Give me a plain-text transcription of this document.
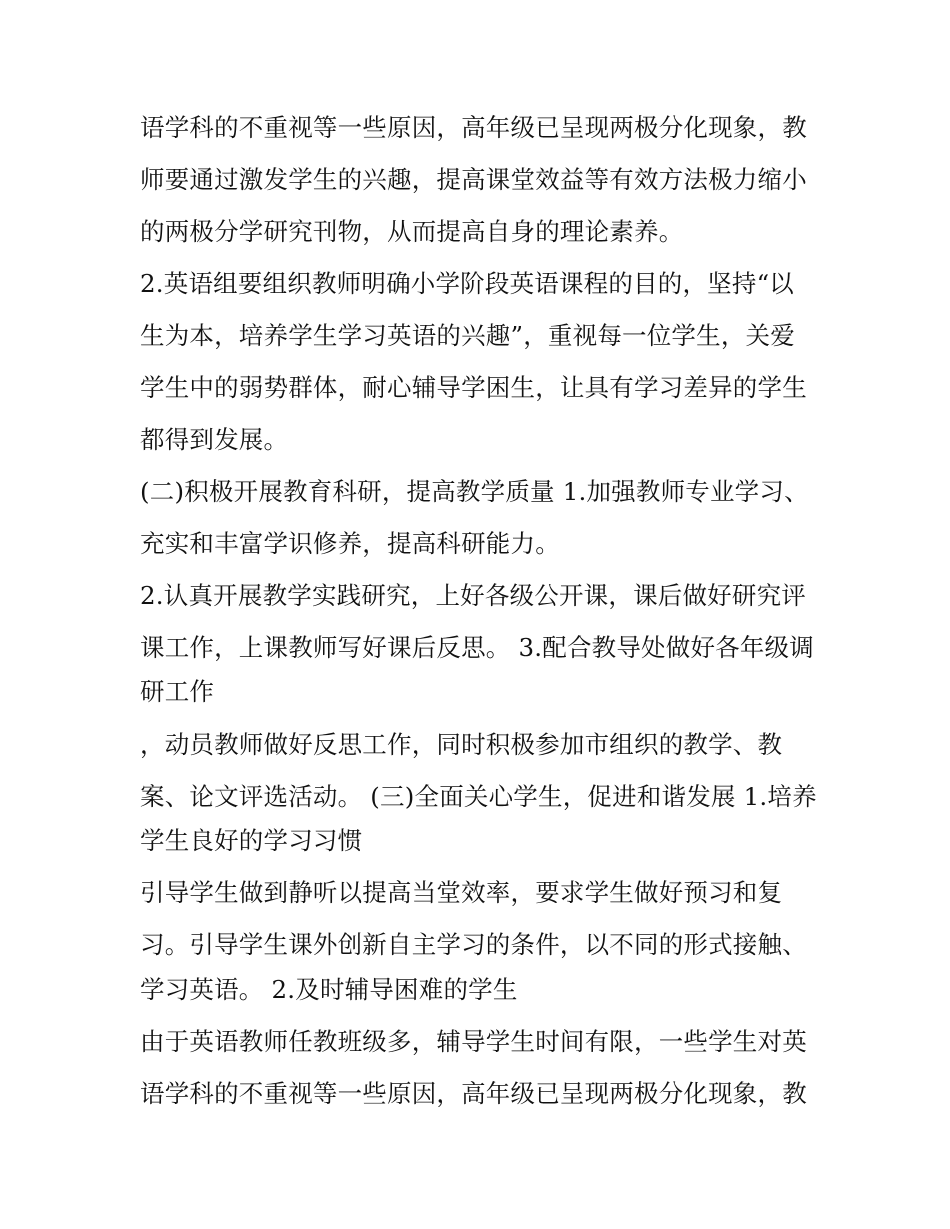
语学科的不重视等一些原因，高年级已呈现两极分化现象，教
师要通过激发学生的兴趣，提高课堂效益等有效方法极力缩小
的两极分学研究刊物，从而提高自身的理论素养。
2.英语组要组织教师明确小学阶段英语课程的目的，坚持“以
生为本，培养学生学习英语的兴趣”，重视每一位学生，关爱
学生中的弱势群体，耐心辅导学困生，让具有学习差异的学生
都得到发展。
(二)积极开展教育科研，提高教学质量 1.加强教师专业学习、
充实和丰富学识修养，提高科研能力。
2.认真开展教学实践研究，上好各级公开课，课后做好研究评
课工作，上课教师写好课后反思。 3.配合教导处做好各年级调
研工作
，动员教师做好反思工作，同时积极参加市组织的教学、教
案、论文评选活动。 (三)全面关心学生，促进和谐发展 1.培养
学生良好的学习习惯
引导学生做到静听以提高当堂效率，要求学生做好预习和复
习。引导学生课外创新自主学习的条件，以不同的形式接触、
学习英语。 2.及时辅导困难的学生
由于英语教师任教班级多，辅导学生时间有限，一些学生对英
语学科的不重视等一些原因，高年级已呈现两极分化现象，教
